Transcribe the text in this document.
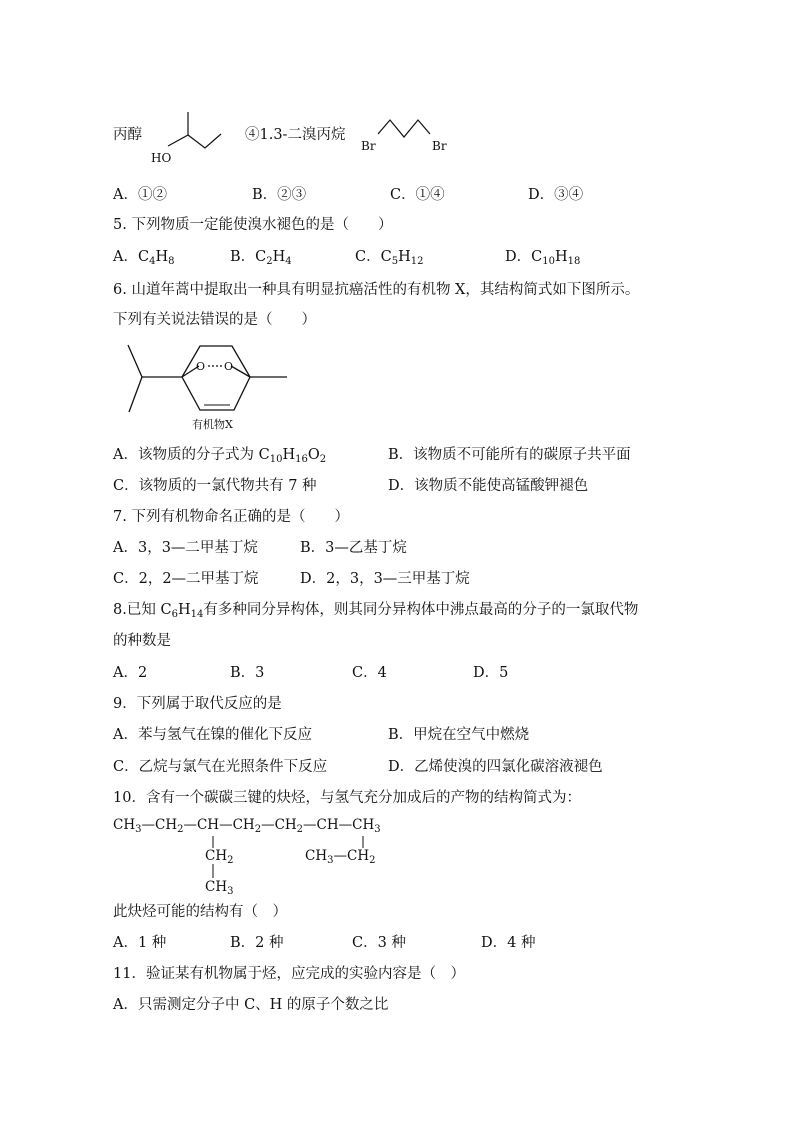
丙醇
HO
④1.3-二溴丙烷
Br	Br
A．①②	B．②③	C．①④	D．③④
5. 下列物质一定能使溴水褪色的是（　　）
A．$C_4H_8$	B．$C_2H_4$	C．$C_5H_{12}$	D．$C_{10}H_{18}$
6. 山道年蒿中提取出一种具有明显抗癌活性的有机物 X，其结构简式如下图所示。
下列有关说法错误的是（　　）
O O
有机物X
A．该物质的分子式为 $C_{10}H_{16}O_2$	B．该物质不可能所有的碳原子共平面
C．该物质的一氯代物共有 7 种	D．该物质不能使高锰酸钾褪色
7. 下列有机物命名正确的是（　　）
A．3，3—二甲基丁烷	B．3—乙基丁烷
C．2，2—二甲基丁烷	D．2，3，3—三甲基丁烷
8.已知 $C_6H_{14}$有多种同分异构体，则其同分异构体中沸点最高的分子的一氯取代物
的种数是
A．2	B．3	C．4	D．5
9．下列属于取代反应的是
A．苯与氢气在镍的催化下反应	B．甲烷在空气中燃烧
C．乙烷与氯气在光照条件下反应	D．乙烯使溴的四氯化碳溶液褪色
10．含有一个碳碳三键的炔烃，与氢气充分加成后的产物的结构简式为：
$CH_3—CH_2—CH—CH_2—CH_2—CH—CH_3$
$CH_2$
$CH_3$
$CH_3—CH_2$
此炔烃可能的结构有（　）
A．1 种	B．2 种	C．3 种	D．4 种
11．验证某有机物属于烃，应完成的实验内容是（　）
A．只需测定分子中 C、H 的原子个数之比
